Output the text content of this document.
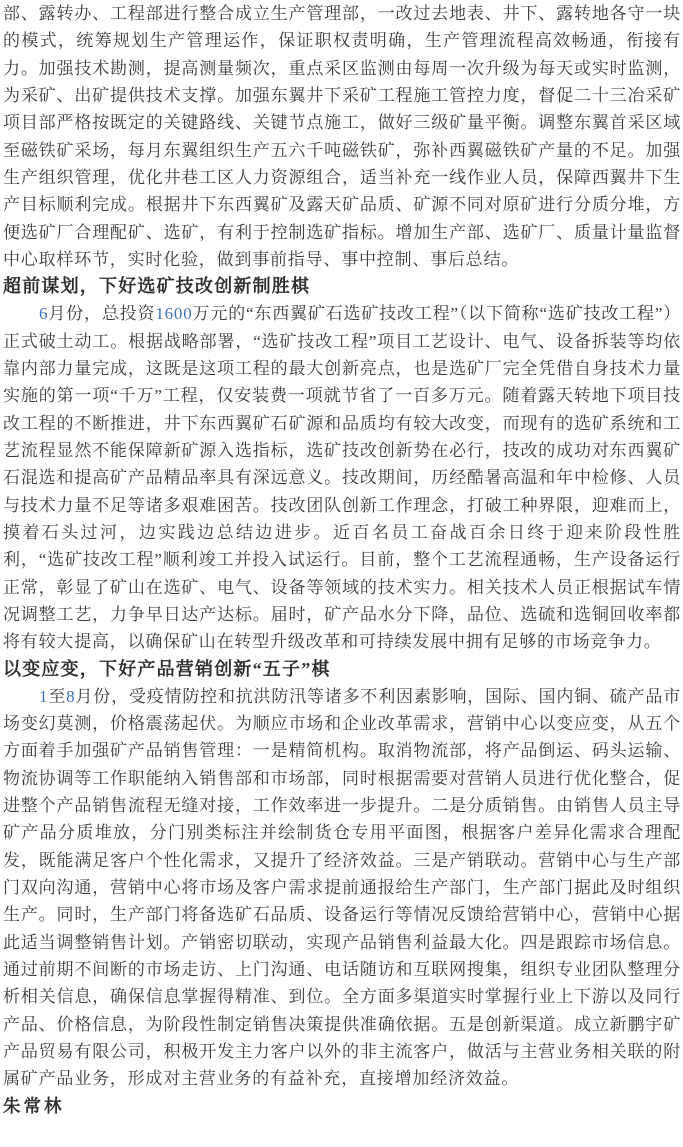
部、露转办、工程部进行整合成立生产管理部，一改过去地表、井下、露转地各守一块的模式，统筹规划生产管理运作，保证职权责明确，生产管理流程高效畅通，衔接有力。加强技术勘测，提高测量频次，重点采区监测由每周一次升级为每天或实时监测，为采矿、出矿提供技术支撑。加强东翼井下采矿工程施工管控力度，督促二十三冶采矿项目部严格按既定的关键路线、关键节点施工，做好三级矿量平衡。调整东翼首采区域至磁铁矿采场，每月东翼组织生产五六千吨磁铁矿，弥补西翼磁铁矿产量的不足。加强生产组织管理，优化井巷工区人力资源组合，适当补充一线作业人员，保障西翼井下生产目标顺利完成。根据井下东西翼矿及露天矿品质、矿源不同对原矿进行分质分堆，方便选矿厂合理配矿、选矿，有利于控制选矿指标。增加生产部、选矿厂、质量计量监督中心取样环节，实时化验，做到事前指导、事中控制、事后总结。

超前谋划，下好选矿技改创新制胜棋

6月份，总投资1600万元的“东西翼矿石选矿技改工程”（以下简称“选矿技改工程”）正式破土动工。根据战略部署，“选矿技改工程”项目工艺设计、电气、设备拆装等均依靠内部力量完成，这既是这项工程的最大创新亮点，也是选矿厂完全凭借自身技术力量实施的第一项“千万”工程，仅安装费一项就节省了一百多万元。随着露天转地下项目技改工程的不断推进，井下东西翼矿石矿源和品质均有较大改变，而现有的选矿系统和工艺流程显然不能保障新矿源入选指标，选矿技改创新势在必行，技改的成功对东西翼矿石混选和提高矿产品精品率具有深远意义。技改期间，历经酷暑高温和年中检修、人员与技术力量不足等诸多艰难困苦。技改团队创新工作理念，打破工种界限，迎难而上，摸着石头过河，边实践边总结边进步。近百名员工奋战百余日终于迎来阶段性胜利，“选矿技改工程”顺利竣工并投入试运行。目前，整个工艺流程通畅，生产设备运行正常，彰显了矿山在选矿、电气、设备等领域的技术实力。相关技术人员正根据试车情况调整工艺，力争早日达产达标。届时，矿产品水分下降，品位、选硫和选铜回收率都将有较大提高，以确保矿山在转型升级改革和可持续发展中拥有足够的市场竞争力。

以变应变，下好产品营销创新“五子”棋

1至8月份，受疫情防控和抗洪防汛等诸多不利因素影响，国际、国内铜、硫产品市场变幻莫测，价格震荡起伏。为顺应市场和企业改革需求，营销中心以变应变，从五个方面着手加强矿产品销售管理：一是精简机构。取消物流部，将产品倒运、码头运输、物流协调等工作职能纳入销售部和市场部，同时根据需要对营销人员进行优化整合，促进整个产品销售流程无缝对接，工作效率进一步提升。二是分质销售。由销售人员主导矿产品分质堆放，分门别类标注并绘制货仓专用平面图，根据客户差异化需求合理配发，既能满足客户个性化需求，又提升了经济效益。三是产销联动。营销中心与生产部门双向沟通，营销中心将市场及客户需求提前通报给生产部门，生产部门据此及时组织生产。同时，生产部门将备选矿石品质、设备运行等情况反馈给营销中心，营销中心据此适当调整销售计划。产销密切联动，实现产品销售利益最大化。四是跟踪市场信息。通过前期不间断的市场走访、上门沟通、电话随访和互联网搜集，组织专业团队整理分析相关信息，确保信息掌握得精准、到位。全方面多渠道实时掌握行业上下游以及同行产品、价格信息，为阶段性制定销售决策提供准确依据。五是创新渠道。成立新鹏宇矿产品贸易有限公司，积极开发主力客户以外的非主流客户，做活与主营业务相关联的附属矿产品业务，形成对主营业务的有益补充，直接增加经济效益。

朱常林
